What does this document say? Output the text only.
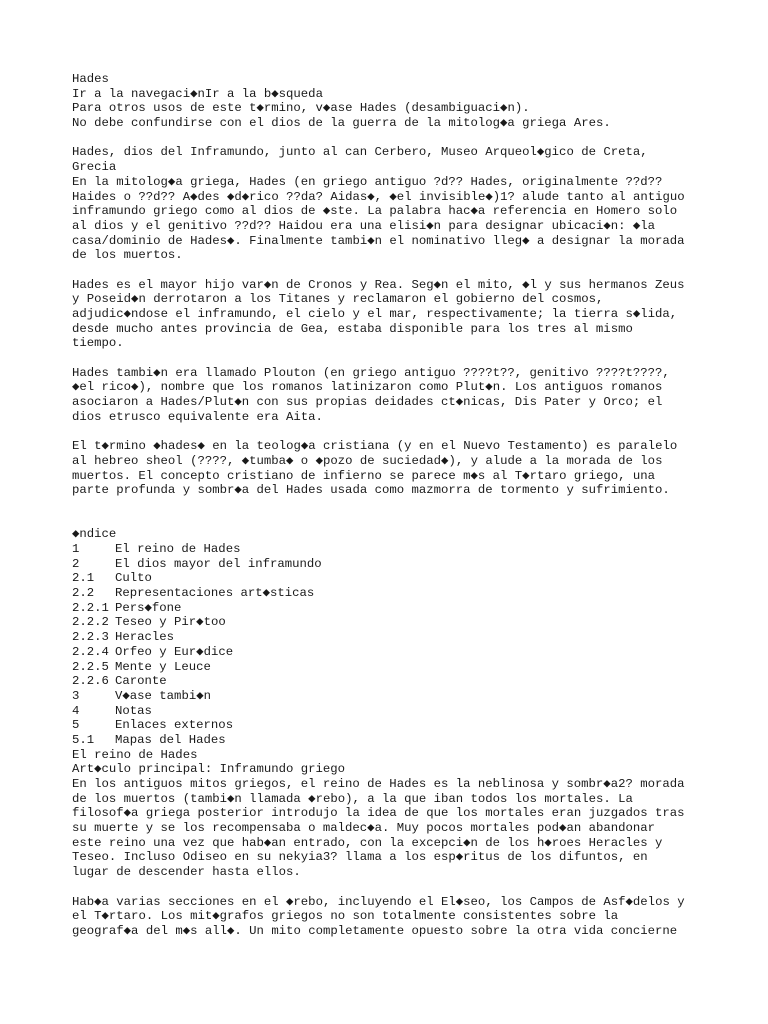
Hades
Ir a la navegaci◆nIr a la b◆squeda
Para otros usos de este t◆rmino, v◆ase Hades (desambiguaci◆n).
No debe confundirse con el dios de la guerra de la mitolog◆a griega Ares.
Hades, dios del Inframundo, junto al can Cerbero, Museo Arqueol◆gico de Creta,
Grecia
En la mitolog◆a griega, Hades (en griego antiguo ?d?? Hades, originalmente ??d??
Haides o ??d?? A◆des ◆d◆rico ??da? Aidas◆, ◆el invisible◆)1? alude tanto al antiguo
inframundo griego como al dios de ◆ste. La palabra hac◆a referencia en Homero solo
al dios y el genitivo ??d?? Haidou era una elisi◆n para designar ubicaci◆n: ◆la
casa/dominio de Hades◆. Finalmente tambi◆n el nominativo lleg◆ a designar la morada
de los muertos.
Hades es el mayor hijo var◆n de Cronos y Rea. Seg◆n el mito, ◆l y sus hermanos Zeus
y Poseid◆n derrotaron a los Titanes y reclamaron el gobierno del cosmos,
adjudic◆ndose el inframundo, el cielo y el mar, respectivamente; la tierra s◆lida,
desde mucho antes provincia de Gea, estaba disponible para los tres al mismo
tiempo.
Hades tambi◆n era llamado Plouton (en griego antiguo ????t??, genitivo ????t????,
◆el rico◆), nombre que los romanos latinizaron como Plut◆n. Los antiguos romanos
asociaron a Hades/Plut◆n con sus propias deidades ct◆nicas, Dis Pater y Orco; el
dios etrusco equivalente era Aita.
El t◆rmino ◆hades◆ en la teolog◆a cristiana (y en el Nuevo Testamento) es paralelo
al hebreo sheol (????, ◆tumba◆ o ◆pozo de suciedad◆), y alude a la morada de los
muertos. El concepto cristiano de infierno se parece m◆s al T◆rtaro griego, una
parte profunda y sombr◆a del Hades usada como mazmorra de tormento y sufrimiento.
◆ndice
1	El reino de Hades
2	El dios mayor del inframundo
2.1	Culto
2.2	Representaciones art◆sticas
2.2.1 Pers◆fone
2.2.2 Teseo y Pir◆too
2.2.3 Heracles
2.2.4 Orfeo y Eur◆dice
2.2.5 Mente y Leuce
2.2.6 Caronte
3	V◆ase tambi◆n
4	Notas
5	Enlaces externos
5.1	Mapas del Hades
El reino de Hades
Art◆culo principal: Inframundo griego
En los antiguos mitos griegos, el reino de Hades es la neblinosa y sombr◆a2? morada
de los muertos (tambi◆n llamada ◆rebo), a la que iban todos los mortales. La
filosof◆a griega posterior introdujo la idea de que los mortales eran juzgados tras
su muerte y se los recompensaba o maldec◆a. Muy pocos mortales pod◆an abandonar
este reino una vez que hab◆an entrado, con la excepci◆n de los h◆roes Heracles y
Teseo. Incluso Odiseo en su nekyia3? llama a los esp◆ritus de los difuntos, en
lugar de descender hasta ellos.
Hab◆a varias secciones en el ◆rebo, incluyendo el El◆seo, los Campos de Asf◆delos y
el T◆rtaro. Los mit◆grafos griegos no son totalmente consistentes sobre la
geograf◆a del m◆s all◆. Un mito completamente opuesto sobre la otra vida concierne
